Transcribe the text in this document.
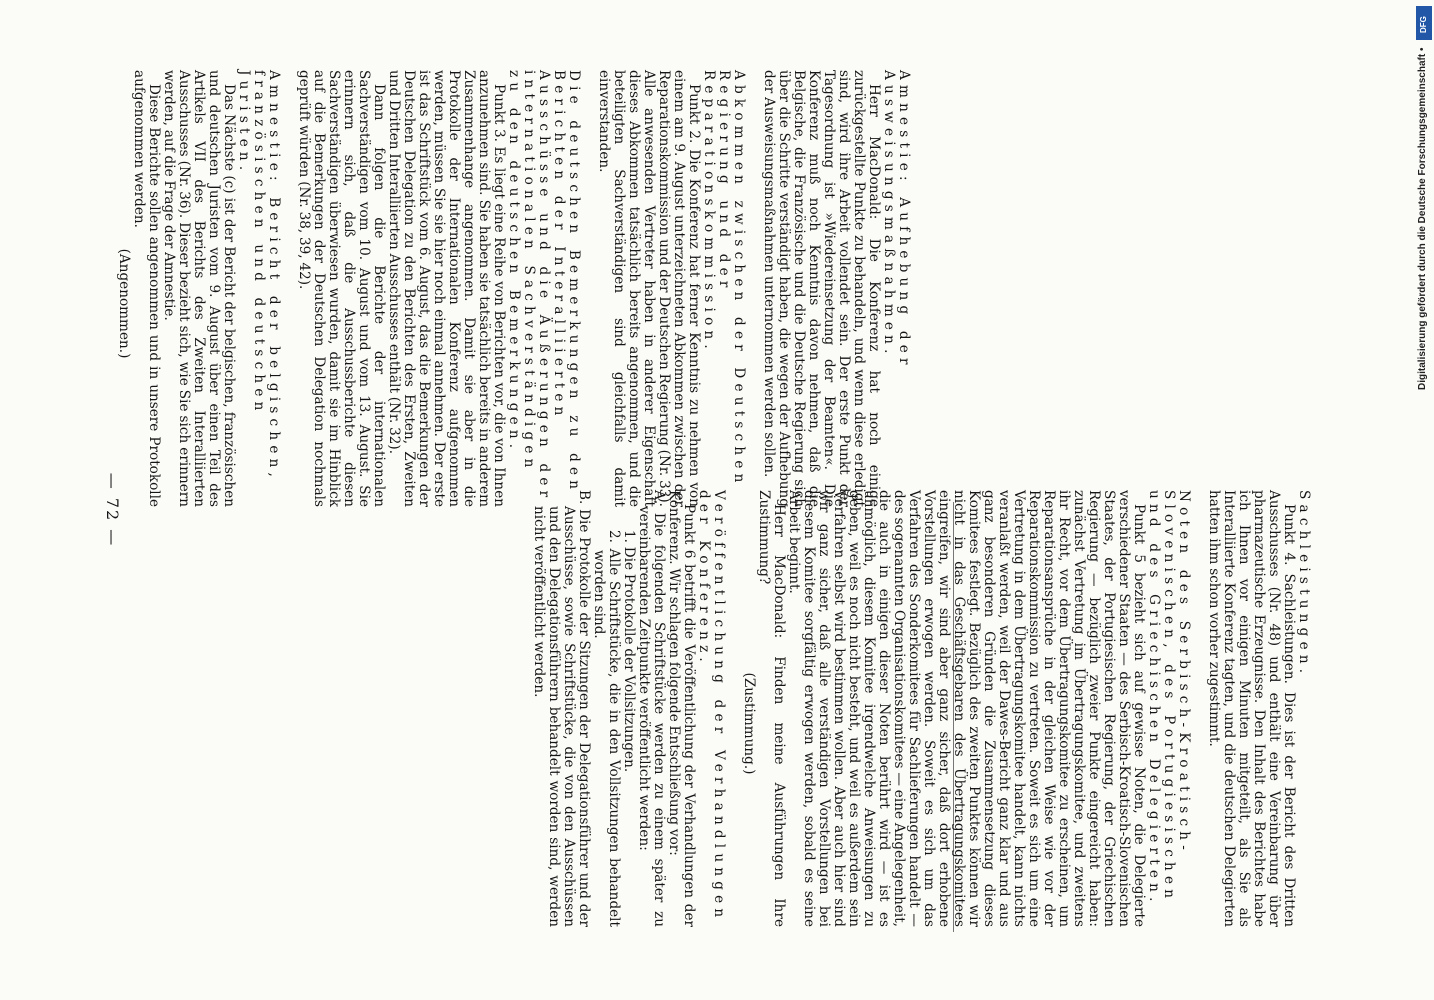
— 72 —

Amnestie: Aufhebung der Ausweisungsmaßnahmen.

Herr MacDonald: Die Konferenz hat noch einige zurückgestellte Punkte zu behandeln, und wenn diese erledigt sind, wird ihre Arbeit vollendet sein. Der erste Punkt der Tagesordnung ist »Wiedereinsetzung der Beamten«. Die Konferenz muß noch Kenntnis davon nehmen, daß die Belgische, die Französische und die Deutsche Regierung sich über die Schritte verständigt haben, die wegen der Aufhebung der Ausweisungsmaßnahmen unternommen werden sollen.

Abkommen zwischen der Deutschen Regierung und der Reparationskommission.

Punkt 2. Die Konferenz hat ferner Kenntnis zu nehmen von einem am 9. August unterzeichneten Abkommen zwischen der Reparationskommission und der Deutschen Regierung (Nr. 33). Alle anwesenden Vertreter haben in anderer Eigenschaft dieses Abkommen tatsächlich bereits angenommen, und die beteiligten Sachverständigen sind gleichfalls damit einverstanden.

Die deutschen Bemerkungen zu den Berichten der Interalliierten Ausschüsse und die Äußerungen der internationalen Sachverständigen zu den deutschen Bemerkungen.

Punkt 3. Es liegt eine Reihe von Berichten vor, die von Ihnen anzunehmen sind. Sie haben sie tatsächlich bereits in anderem Zusammenhange angenommen. Damit sie aber in die Protokolle der Internationalen Konferenz aufgenommen werden, müssen Sie sie hier noch einmal annehmen. Der erste ist das Schriftstück vom 6. August, das die Bemerkungen der Deutschen Delegation zu den Berichten des Ersten, Zweiten und Dritten Interalliierten Ausschusses enthält (Nr. 32).

Dann folgen die Berichte der internationalen Sachverständigen vom 10. August und vom 13. August. Sie erinnern sich, daß die Ausschussberichte diesen Sachverständigen überwiesen wurden, damit sie im Hinblick auf die Bemerkungen der Deutschen Delegation nochmals geprüft würden (Nr. 38, 39, 42).

Amnestie: Bericht der belgischen, französischen und deutschen Juristen.

Das Nächste (c) ist der Bericht der belgischen, französischen und deutschen Juristen vom 9. August über einen Teil des Artikels VII des Berichts des Zweiten Interalliierten Ausschusses (Nr. 36). Dieser bezieht sich, wie Sie sich erinnern werden, auf die Frage der Amnestie.

Diese Berichte sollen angenommen und in unsere Protokolle aufgenommen werden.

(Angenommen.)

Sachleistungen.

Punkt 4. Sachleistungen. Dies ist der Bericht des Dritten Ausschusses (Nr. 48) und enthält eine Vereinbarung über pharmazeutische Erzeugnisse. Den Inhalt des Berichtes habe ich Ihnen vor einigen Minuten mitgeteilt, als Sie als Interalliierte Konferenz tagten, und die deutschen Delegierten hatten ihm schon vorher zugestimmt.

Noten des Serbisch-Kroatisch-Slovenischen, des Portugiesischen und des Griechischen Delegierten.

Punkt 5 bezieht sich auf gewisse Noten, die Delegierte verschiedener Staaten — des Serbisch-Kroatisch-Slovenischen Staates, der Portugiesischen Regierung, der Griechischen Regierung — bezüglich zweier Punkte eingereicht haben: zunächst Vertretung im Übertragungskomitee, und zweitens ihr Recht, vor dem Übertragungskomitee zu erscheinen, um Reparationsansprüche in der gleichen Weise wie vor der Reparationskommission zu vertreten. Soweit es sich um eine Vertretung in dem Übertragungskomitee handelt, kann nichts veranlaßt werden, weil der Dawes-Bericht ganz klar und aus ganz besonderen Gründen die Zusammensetzung dieses Komitees festlegt. Bezüglich des zweiten Punktes können wir nicht in das Geschäftsgebaren des Übertragungskomitees eingreifen, wir sind aber ganz sicher, daß dort erhobene Vorstellungen erwogen werden. Soweit es sich um das Verfahren des Sonderkomitees für Sachlieferungen handelt — des sogenannten Organisationskomitees — eine Angelegenheit, die auch in einigen dieser Noten berührt wird — ist es unmöglich, diesem Komitee irgendwelche Anweisungen zu geben, weil es noch nicht besteht, und weil es außerdem sein Verfahren selbst wird bestimmen wollen. Aber auch hier sind wir ganz sicher, daß alle verständigen Vorstellungen bei diesem Komitee sorgfältig erwogen werden, sobald es seine Arbeit beginnt.

Herr MacDonald: Finden meine Ausführungen Ihre Zustimmung?

(Zustimmung.)

Veröffentlichung der Verhandlungen der Konferenz.

Punkt 6 betrifft die Veröffentlichung der Verhandlungen der Konferenz. Wir schlagen folgende Entschließung vor:

A. Die folgenden Schriftstücke werden zu einem später zu vereinbarenden Zeitpunkte veröffentlicht werden:

1. Die Protokolle der Vollsitzungen.

2. Alle Schriftstücke, die in den Vollsitzungen behandelt worden sind.

B. Die Protokolle der Sitzungen der Delegationsführer und der Ausschüsse, sowie Schriftstücke, die von den Ausschüssen und den Delegationsführern behandelt worden sind, werden nicht veröffentlicht werden.

DFG
Digitalisierung gefördert durch die Deutsche Forschungsgemeinschaft •
